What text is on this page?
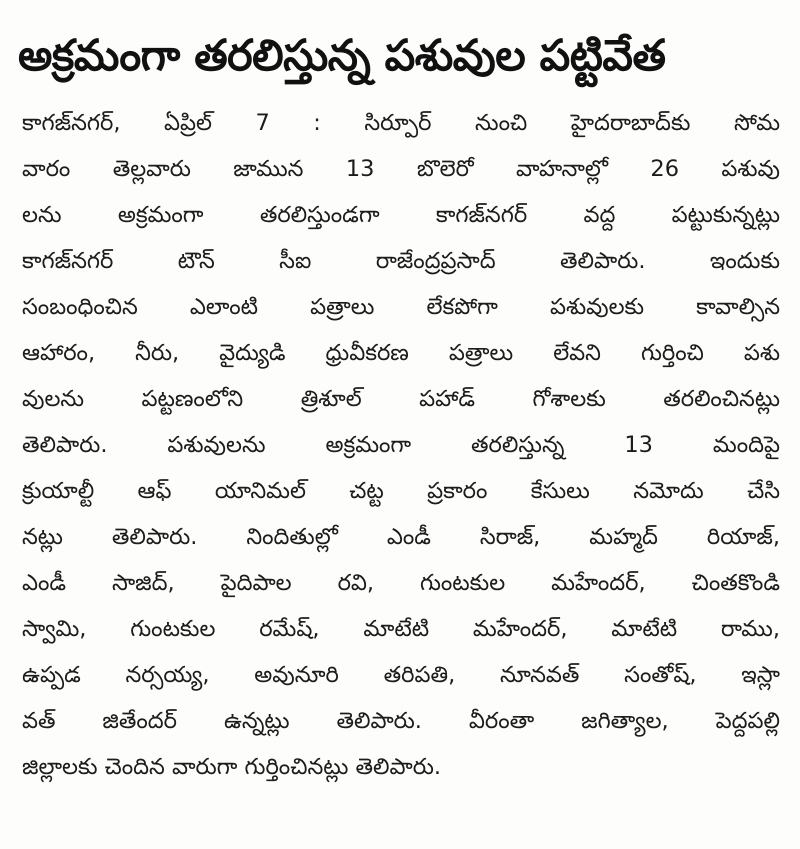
అక్రమంగా తరలిస్తున్న పశువుల పట్టివేత
కాగజ్‌నగర్‌, ఏప్రిల్‌ 7 : సిర్పూర్‌ నుంచి హైదరాబాద్‌కు సోమ
వారం తెల్లవారు జామున 13 బొలెరో వాహనాల్లో 26 పశువు
లను అక్రమంగా తరలిస్తుండగా కాగజ్‌నగర్‌ వద్ద పట్టుకున్నట్లు
కాగజ్‌నగర్‌ టౌన్‌ సీఐ రాజేంద్రప్రసాద్‌ తెలిపారు. ఇందుకు
సంబంధించిన ఎలాంటి పత్రాలు లేకపోగా పశువులకు కావాల్సిన
ఆహారం, నీరు, వైద్యుడి ధ్రువీకరణ పత్రాలు లేవని గుర్తించి పశు
వులను పట్టణంలోని త్రిశూల్‌ పహాడ్‌ గోశాలకు తరలించినట్లు
తెలిపారు. పశువులను అక్రమంగా తరలిస్తున్న 13 మందిపై
క్రుయాల్టీ ఆఫ్‌ యానిమల్‌ చట్ట ప్రకారం కేసులు నమోదు చేసి
నట్లు తెలిపారు. నిందితుల్లో ఎండీ సిరాజ్‌, మహ్మద్‌ రియాజ్‌,
ఎండీ సాజిద్‌, పైదిపాల రవి, గుంటకుల మహేందర్‌, చింతకొండి
స్వామి, గుంటకుల రమేష్‌, మాటేటి మహేందర్‌, మాటేటి రాము,
ఉప్పడ నర్సయ్య, అవునూరి తరిపతి, నూనవత్‌ సంతోష్‌, ఇస్లా
వత్‌ జితేందర్‌ ఉన్నట్లు తెలిపారు. వీరంతా జగిత్యాల, పెద్దపల్లి
జిల్లాలకు చెందిన వారుగా గుర్తించినట్లు తెలిపారు.
